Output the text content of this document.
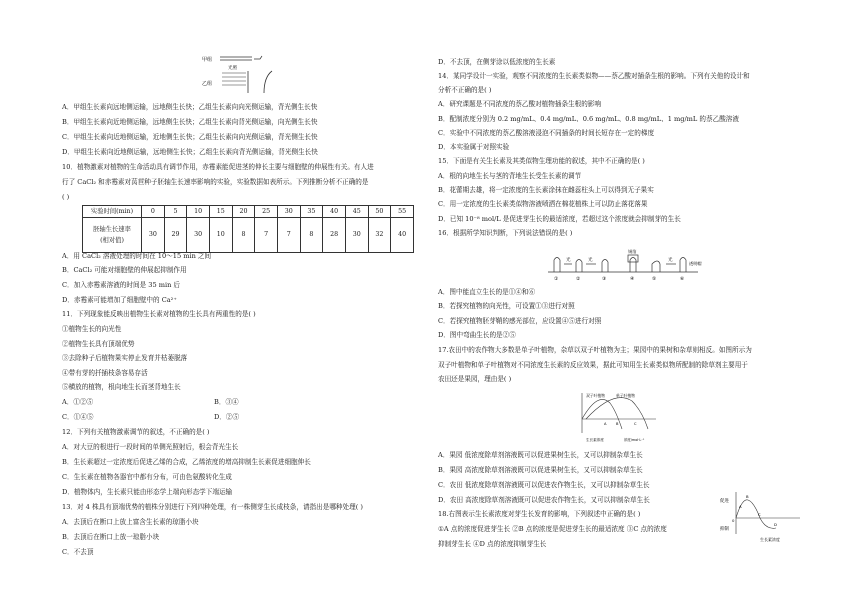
甲组
乙组
光照
A．甲组生长素向远地侧运输，远地侧生长快；乙组生长素向向光侧运输，背光侧生长快
B．甲组生长素向近地侧运输，远地侧生长快；乙组生长素向背光侧运输，向光侧生长快
C．甲组生长素向近地侧运输，近地侧生长快；乙组生长素向向光侧运输，背光侧生长快
D．甲组生长素向近地侧运输，远地侧生长快；乙组生长素向背光侧运输，背光侧生长快
10．植物激素对植物的生命活动具有调节作用，赤霉素能促进茎的伸长主要与细胞壁的伸展性有关。有人进
行了 CaCl₂ 和赤霉素对莴苣种子胚轴生长速率影响的实验，实验数据如表所示。下列推断分析不正确的是
( )
实验时间(min)	0	5	10	15	20	25	30	35	40	45	50	55

胚轴生长速率
(相对值)	30	29	30	10	8	7	7	8	28	30	32	40
A．用 CaCl₂ 溶液处理的时间在 10～15 min 之间
B．CaCl₂ 可能对细胞壁的伸展起抑制作用
C．加入赤霉素溶液的时间是 35 min 后
D．赤霉素可能增加了细胞壁中的 Ca²⁺
11．下列现象能反映出植物生长素对植物的生长具有两重性的是( )
①植物生长的向光性
②植物生长具有顶端优势
③去除种子后植物果实停止发育并枯萎脱落
④带有芽的扦插枝条容易存活
⑤横放的植物，根向地生长而茎背地生长
A．①②⑤	B．③④
C．①④⑤	D．②⑤
12．下列有关植物激素调节的叙述，不正确的是( )
A．对大豆的根进行一段时间的单侧光照射后，根会背光生长
B．生长素超过一定浓度后促进乙烯的合成，乙烯浓度的增高抑制生长素促进细胞伸长
C．生长素在植物各器官中都有分布，可由色氨酸转化生成
D．植物体内，生长素只能由形态学上端向形态学下端运输
13．对 4 株具有顶端优势的植株分别进行下列四种处理，有一株侧芽生长成枝条，请指出是哪种处理( )
A．去顶后在断口上放上富含生长素的琼脂小块
B．去顶后在断口上放一琼脂小块
C．不去顶
D．不去顶，在侧芽涂以低浓度的生长素
14．某同学设计一实验，观察不同浓度的生长素类似物——萘乙酸对插条生根的影响。下列有关他的设计和
分析不正确的是( )
A．研究课题是不同浓度的萘乙酸对植物插条生根的影响
B．配制浓度分别为 0.2 mg/mL、0.4 mg/mL、0.6 mg/mL、0.8 mg/mL、1 mg/mL 的萘乙酸溶液
C．实验中不同浓度的萘乙酸溶液浸泡不同插条的时间长短存在一定的梯度
D．本实验属于对照实验
15．下面是有关生长素及其类似物生理功能的叙述，其中不正确的是( )
A．根的向地生长与茎的背地生长受生长素的调节
B．花蕾期去雄，将一定浓度的生长素涂抹在雌蕊柱头上可以得到无子果实
C．用一定浓度的生长素类似物溶液喷洒在棉花植株上可以防止落花落果
D．已知 10⁻⁸ mol/L 是促进芽生长的最适浓度，若超过这个浓度就会抑制芽的生长
16．根据所学知识判断，下列说法错误的是( )
光	光
锡箔
光
透明帽
①	②	③	④	⑤	⑥
A．图中能直立生长的是①④和⑥
B．若探究植物的向光性，可设置①③进行对照
C．若探究植物胚芽鞘的感光部位，应设置④⑤进行对照
D．图中弯曲生长的是②⑤
17.农田中的农作物大多数是单子叶植物，杂草以双子叶植物为主；果园中的果树和杂草则相反。如图所示为
双子叶植物和单子叶植物对不同浓度生长素的反应效果，据此可知用生长素类似物所配制的除草剂主要用于
农田还是果园，理由是( )
双子叶植物	单子叶植物
生长素浓度	浓度/mol·L⁻¹
A	B	C
A．果园 低浓度除草剂溶液既可以促进果树生长，又可以抑制杂草生长
B．果园 高浓度除草剂溶液既可以促进果树生长，又可以抑制杂草生长
C．农田 低浓度除草剂溶液既可以促进农作物生长，又可以抑制杂草生长
D．农田 高浓度除草剂溶液既可以促进农作物生长，又可以抑制杂草生长
18.右图表示生长素浓度对芽生长发育的影响，下列叙述中正确的是( )
①A 点的浓度促进芽生长 ②B 点的浓度是促进芽生长的最适浓度 ③C 点的浓度
抑制芽生长 ④D 点的浓度抑制芽生长
促进
抑制
0
A
B
C
D
生长素浓度
